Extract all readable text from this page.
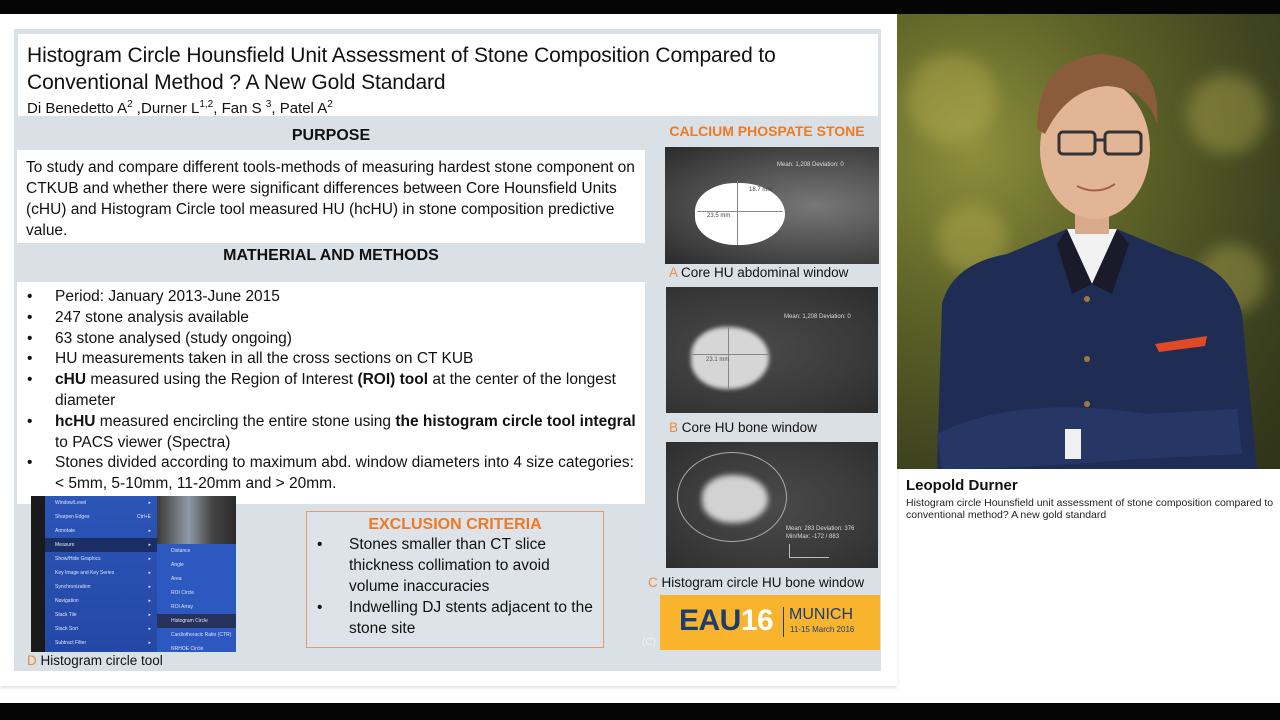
Histogram Circle Hounsfield Unit Assessment of Stone Composition Compared to
Conventional Method ? A New Gold Standard
Di Benedetto $A^2$ ,Durner L$^{1,2}$, Fan S $^3$, Patel $A^2$
PURPOSE
To study and compare different tools-methods of measuring hardest stone component on CTKUB and whether there were significant differences between Core Hounsfield Units (cHU) and Histogram Circle tool measured HU (hcHU) in stone composition predictive value.
MATHERIAL AND METHODS
• Period: January 2013-June 2015
• 247 stone analysis available
• 63 stone analysed (study ongoing)
• HU measurements taken in all the cross sections on CT KUB
• cHU measured using the Region of Interest (ROI) tool at the center of the longest diameter
• hcHU measured encircling the entire stone using the histogram circle tool integral to PACS viewer (Spectra)
• Stones divided according to maximum abd. window diameters into 4 size categories: < 5mm, 5-10mm, 11-20mm and > 20mm.
Window/Level	▸
Sharpen Edges	Ctrl+E
Annotate	▸
Measure	▸
Show/Hide Graphics	▸
Key Image and Key Series	▸
Synchronization	▸
Navigation	▸
Stack Tile	▸
Stack Sort	▸
Subtract Filter	▸
Distance
Angle
Area
ROI Circle
ROI Array
Histogram Circle
Cardiothoracic Ratio (CTR)
NRHOE Circle
D Histogram circle tool
EXCLUSION CRITERIA
• Stones smaller than CT slice thickness collimation to avoid volume inaccuracies
• Indwelling DJ stents adjacent to the stone site
CALCIUM PHOSPATE STONE
Mean: 1,208 Deviation: 0
18.7 mm
23.5 mm
A Core HU abdominal window
Mean: 1,208 Deviation: 0
23.1 mm
B Core HU bone window
Mean: 283 Deviation: 376
Min/Max: -172 / 883
C Histogram circle HU bone window
EAU16 MUNICH
11-15 March 2016
(C)
Leopold Durner
Histogram circle Hounsfield unit assessment of stone composition compared to conventional method? A new gold standard
